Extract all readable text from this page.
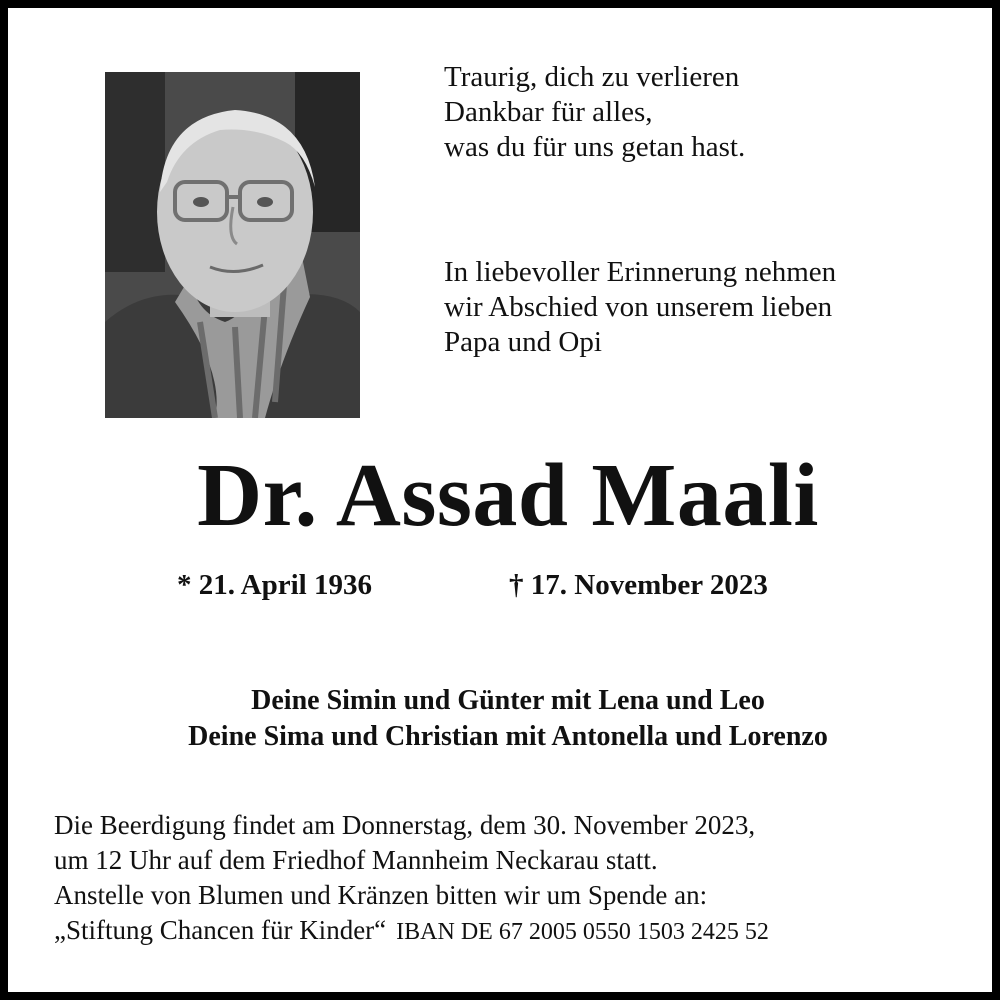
Traurig, dich zu verlieren
Dankbar für alles,
was du für uns getan hast.
In liebevoller Erinnerung nehmen
wir Abschied von unserem lieben
Papa und Opi
Dr. Assad Maali
* 21. April 1936	† 17. November 2023
Deine Simin und Günter mit Lena und Leo
Deine Sima und Christian mit Antonella und Lorenzo
Die Beerdigung findet am Donnerstag, dem 30. November 2023,
um 12 Uhr auf dem Friedhof Mannheim Neckarau statt.
Anstelle von Blumen und Kränzen bitten wir um Spende an:
„Stiftung Chancen für Kinder“ IBAN DE 67 2005 0550 1503 2425 52
